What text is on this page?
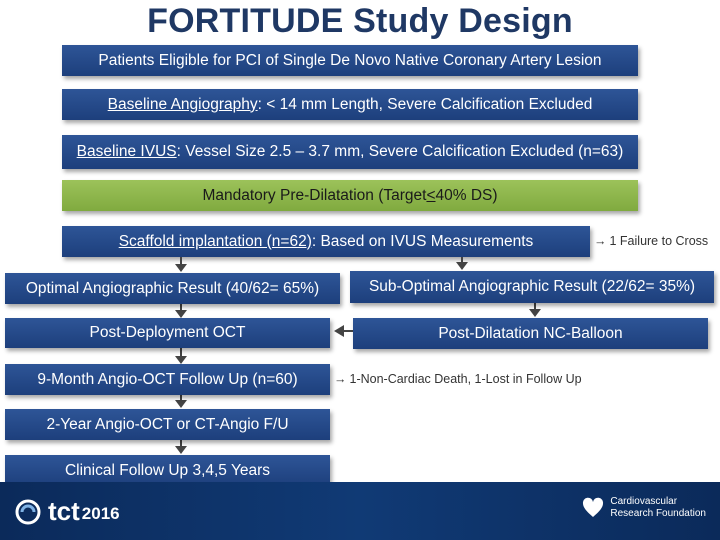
FORTITUDE Study Design
Patients Eligible for PCI of Single De Novo Native Coronary Artery Lesion
Baseline Angiography : < 14 mm Length, Severe Calcification Excluded
Baseline IVUS : Vessel Size 2.5 – 3.7 mm, Severe Calcification Excluded (n=63)
Mandatory Pre-Dilatation (Target < 40% DS)
Scaffold implantation (n=62) : Based on IVUS Measurements	→ 1 Failure to Cross
Optimal Angiographic Result (40/62= 65%)	Sub-Optimal Angiographic Result (22/62= 35%)
Post-Deployment OCT	Post-Dilatation NC-Balloon
9-Month Angio-OCT Follow Up (n=60)	→ 1-Non-Cardiac Death, 1-Lost in Follow Up
2-Year Angio-OCT or CT-Angio F/U
Clinical Follow Up 3,4,5 Years
tct 2016
Cardiovascular
Research Foundation
